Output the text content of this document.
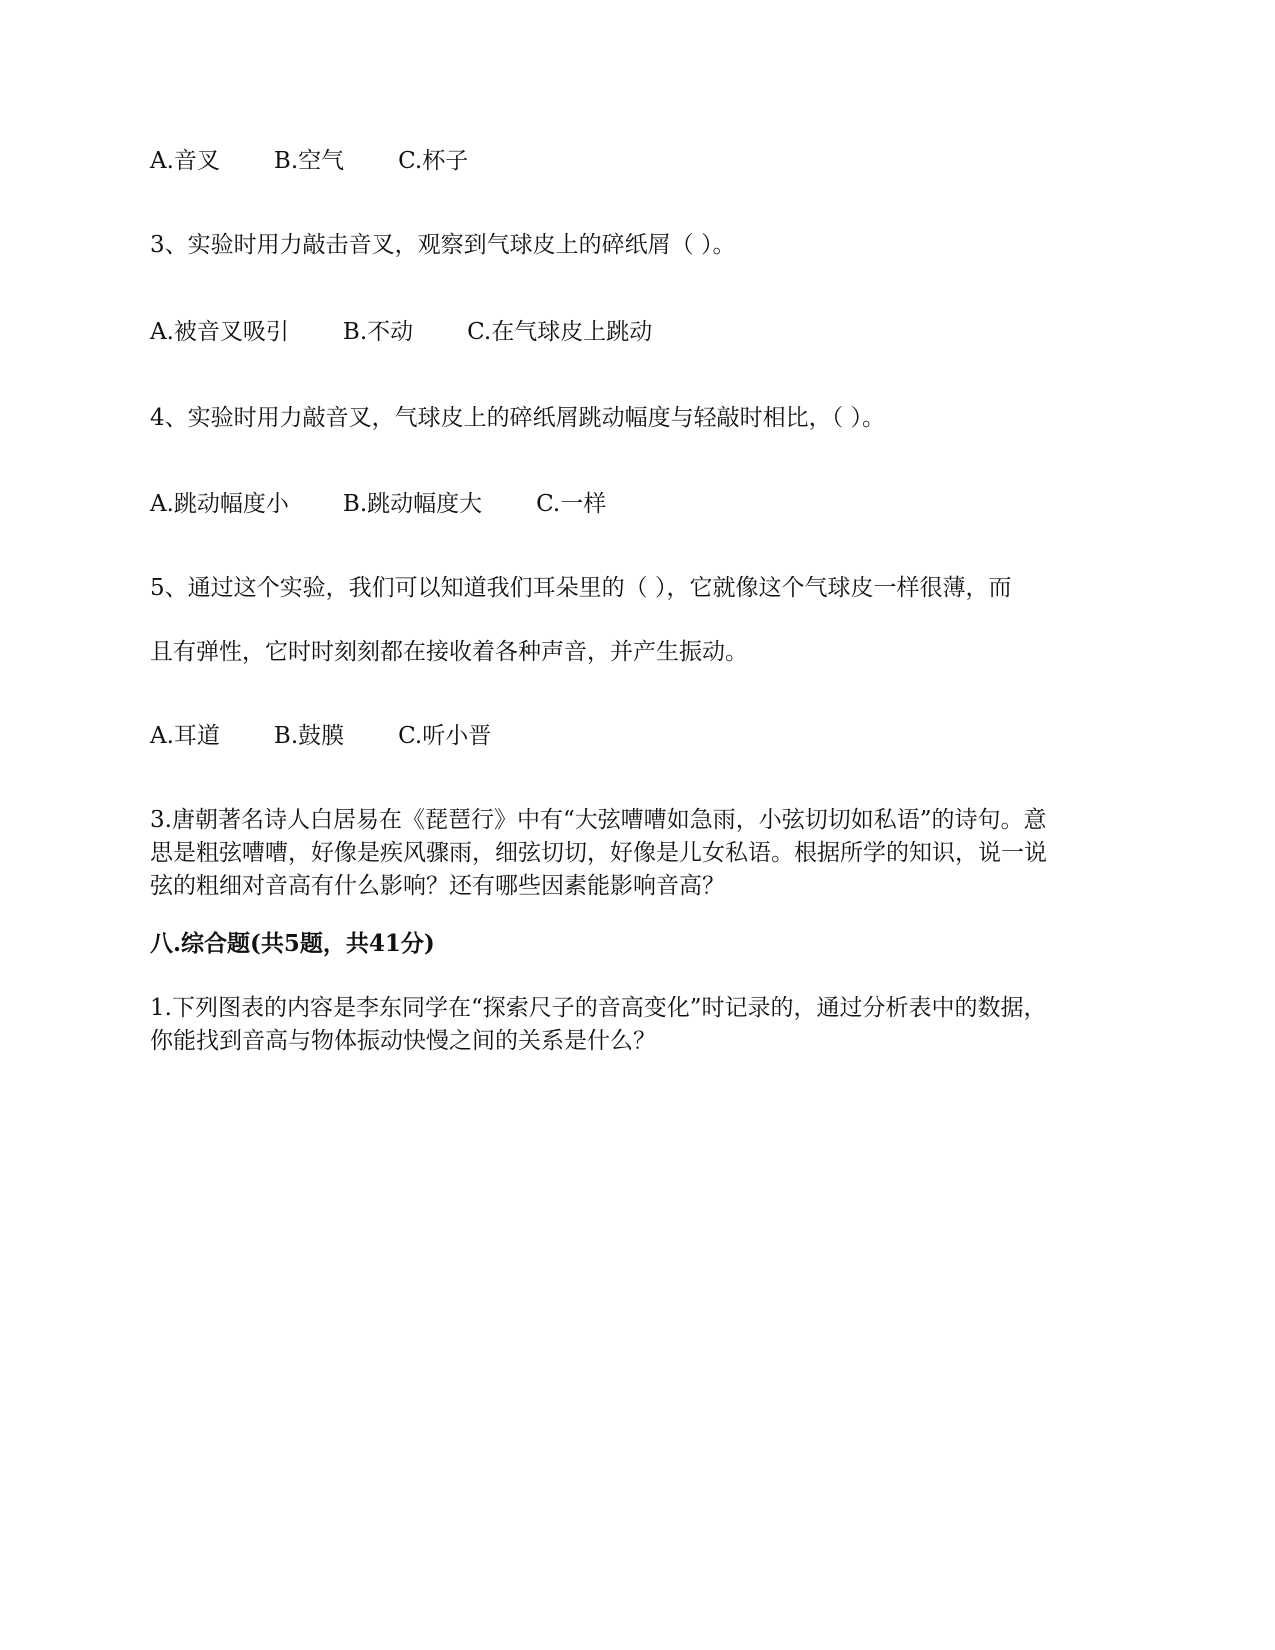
A.音叉 B.空气 C.杯子
3、实验时用力敲击音叉，观察到气球皮上的碎纸屑（ ）。
A.被音叉吸引 B.不动 C.在气球皮上跳动
4、实验时用力敲音叉，气球皮上的碎纸屑跳动幅度与轻敲时相比，（ ）。
A.跳动幅度小 B.跳动幅度大 C.一样
5、通过这个实验，我们可以知道我们耳朵里的（ ），它就像这个气球皮一样很薄，而
且有弹性，它时时刻刻都在接收着各种声音，并产生振动。
A.耳道 B.鼓膜 C.听小晋
3.唐朝著名诗人白居易在《琵琶行》中有“大弦嘈嘈如急雨，小弦切切如私语”的诗句。意
思是粗弦嘈嘈，好像是疾风骤雨，细弦切切，好像是儿女私语。根据所学的知识，说一说
弦的粗细对音高有什么影响？还有哪些因素能影响音高？
八.综合题(共5题，共41分)
1.下列图表的内容是李东同学在“探索尺子的音高变化”时记录的，通过分析表中的数据，
你能找到音高与物体振动快慢之间的关系是什么？
